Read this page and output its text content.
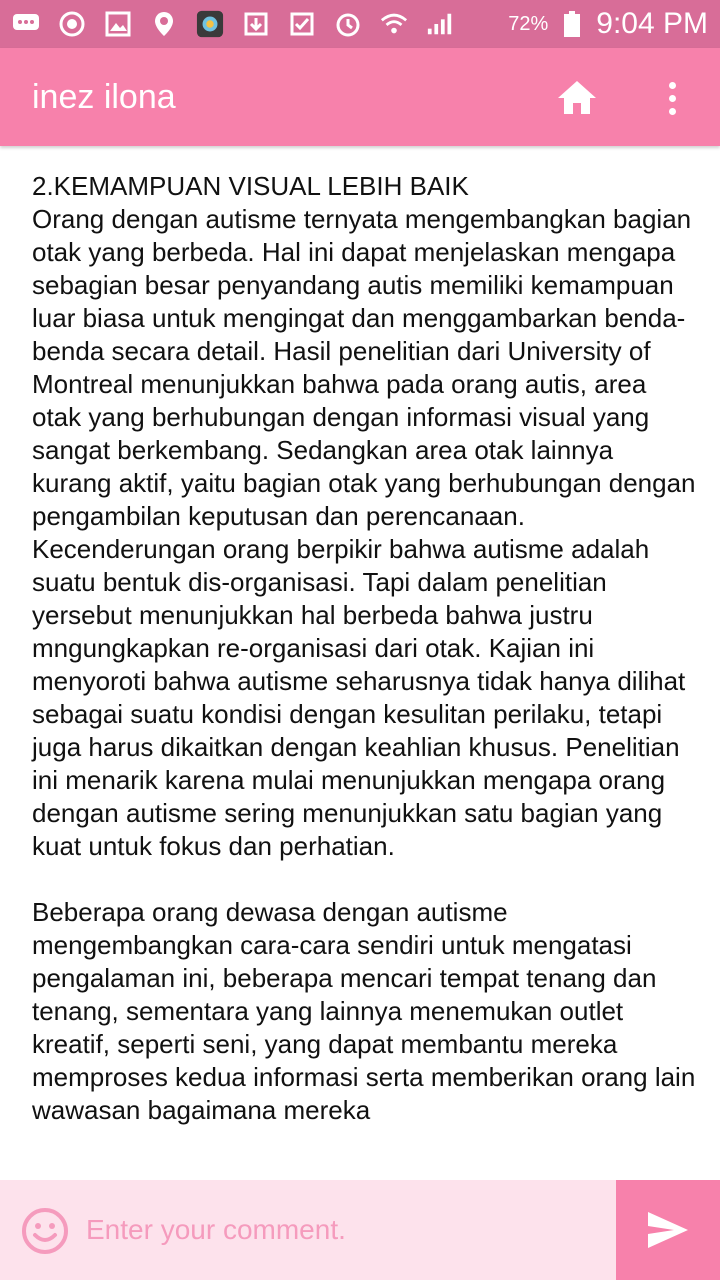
72% 9:04 PM
inez ilona
2.KEMAMPUAN VISUAL LEBIH BAIK
Orang dengan autisme ternyata mengembangkan bagian otak yang berbeda. Hal ini dapat menjelaskan mengapa sebagian besar penyandang autis memiliki kemampuan luar biasa untuk mengingat dan menggambarkan benda-benda secara detail. Hasil penelitian dari University of Montreal menunjukkan bahwa pada orang autis, area otak yang berhubungan dengan informasi visual yang sangat berkembang. Sedangkan area otak lainnya kurang aktif, yaitu bagian otak yang berhubungan dengan pengambilan keputusan dan perencanaan. Kecenderungan orang berpikir bahwa autisme adalah suatu bentuk dis-organisasi. Tapi dalam penelitian yersebut menunjukkan hal berbeda bahwa justru mngungkapkan re-organisasi dari otak. Kajian ini menyoroti bahwa autisme seharusnya tidak hanya dilihat sebagai suatu kondisi dengan kesulitan perilaku, tetapi juga harus dikaitkan dengan keahlian khusus. Penelitian ini menarik karena mulai menunjukkan mengapa orang dengan autisme sering menunjukkan satu bagian yang kuat untuk fokus dan perhatian.
Beberapa orang dewasa dengan autisme mengembangkan cara-cara sendiri untuk mengatasi pengalaman ini, beberapa mencari tempat tenang dan tenang, sementara yang lainnya menemukan outlet kreatif, seperti seni, yang dapat membantu mereka memproses kedua informasi serta memberikan orang lain wawasan bagaimana mereka
Enter your comment.
